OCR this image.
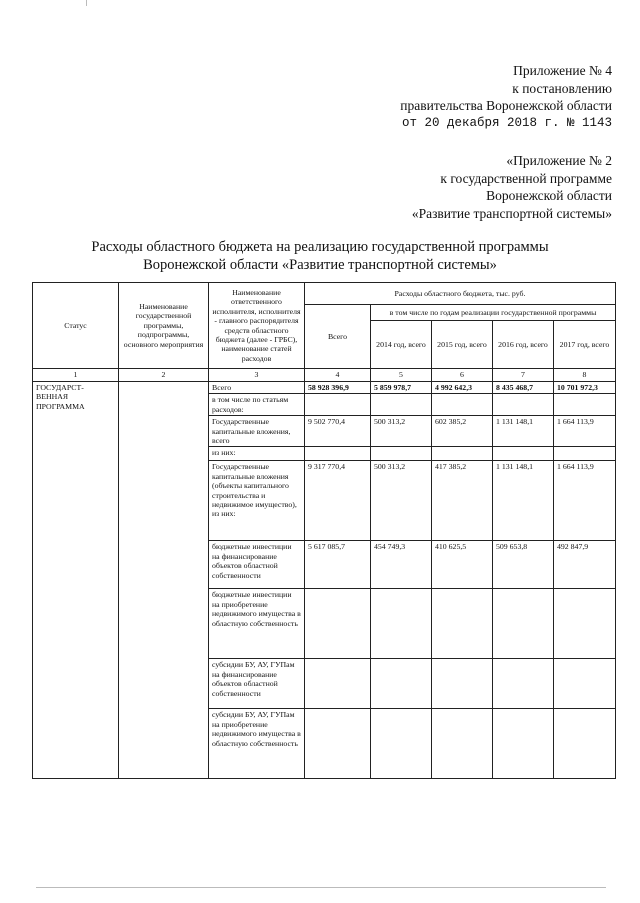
Приложение № 4
к постановлению
правительства Воронежской области
от 20 декабря 2018 г. № 1143
«Приложение № 2
к государственной программе
Воронежской области
«Развитие транспортной системы»
Расходы областного бюджета на реализацию государственной программы
Воронежской области «Развитие транспортной системы»
Статус	Наименование государственной программы, подпрограммы, основного мероприятия	Наименование ответственного исполнителя, исполнителя - главного распорядителя средств областного бюджета (далее - ГРБС), наименование статей расходов	Расходы областного бюджета, тыс. руб.				
			Всего	в том числе по годам реализации государственной программы			
				2014 год, всего	2015 год, всего	2016 год, всего	2017 год, всего
1	2	3	4	5	6	7	8
ГОСУДАРСТ-ВЕННАЯ ПРОГРАММА		Всего	58 928 396,9	5 859 978,7	4 992 642,3	8 435 468,7	10 701 972,3
		в том числе по статьям расходов:					
		Государственные капитальные вложения, всего	9 502 770,4	500 313,2	602 385,2	1 131 148,1	1 664 113,9
		из них:					
		Государственные капитальные вложения (объекты капитального строительства и недвижимое имущество), из них:	9 317 770,4	500 313,2	417 385,2	1 131 148,1	1 664 113,9
		бюджетные инвестиции на финансирование объектов областной собственности	5 617 085,7	454 749,3	410 625,5	509 653,8	492 847,9
		бюджетные инвестиции на приобретение недвижимого имущества в областную собственность					
		субсидии БУ, АУ, ГУПам на финансирование объектов областной собственности					
		субсидии БУ, АУ, ГУПам на приобретение недвижимого имущества в областную собственность					
